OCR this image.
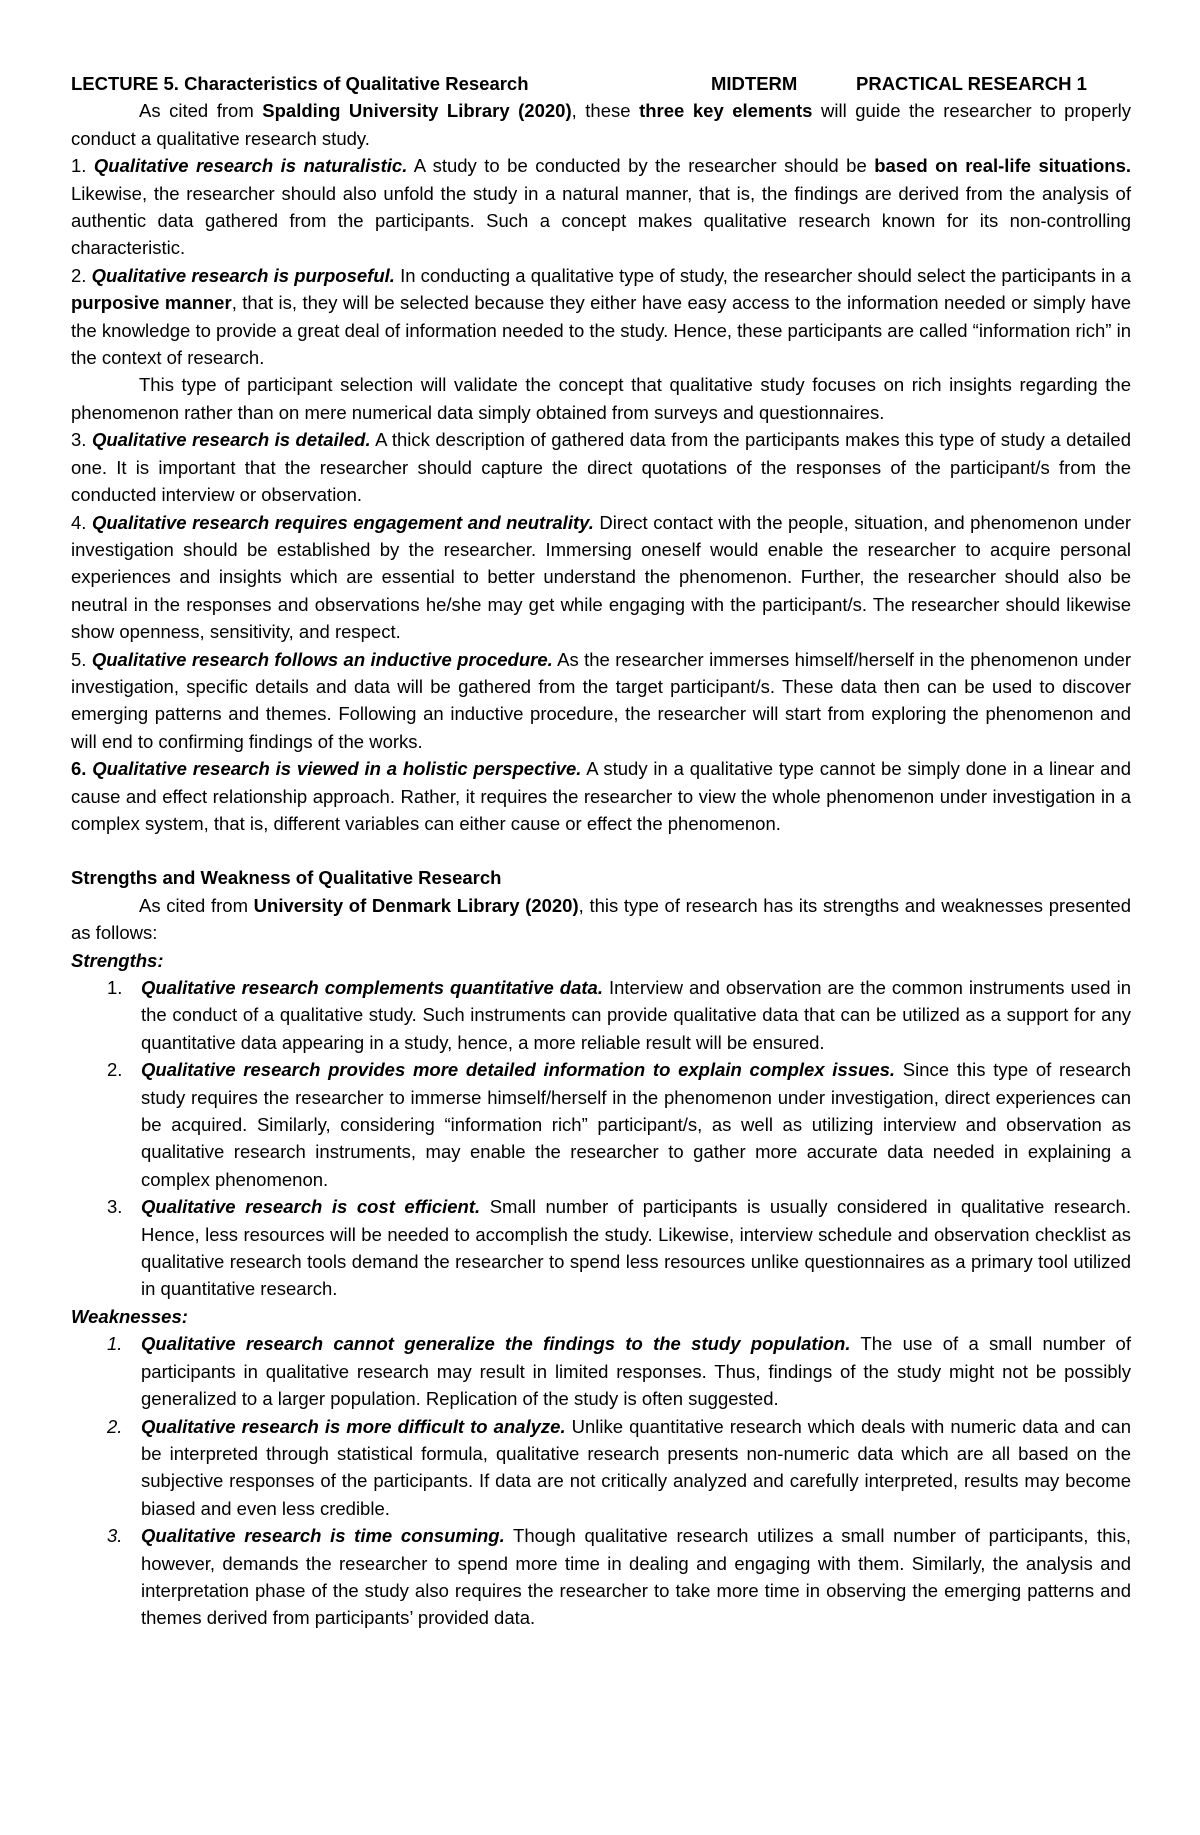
LECTURE 5. Characteristics of Qualitative Research	MIDTERM	PRACTICAL RESEARCH 1

As cited from Spalding University Library (2020), these three key elements will guide the researcher to properly conduct a qualitative research study.

1. Qualitative research is naturalistic. A study to be conducted by the researcher should be based on real-life situations. Likewise, the researcher should also unfold the study in a natural manner, that is, the findings are derived from the analysis of authentic data gathered from the participants. Such a concept makes qualitative research known for its non-controlling characteristic.

2. Qualitative research is purposeful. In conducting a qualitative type of study, the researcher should select the participants in a purposive manner, that is, they will be selected because they either have easy access to the information needed or simply have the knowledge to provide a great deal of information needed to the study. Hence, these participants are called “information rich” in the context of research.

This type of participant selection will validate the concept that qualitative study focuses on rich insights regarding the phenomenon rather than on mere numerical data simply obtained from surveys and questionnaires.

3. Qualitative research is detailed. A thick description of gathered data from the participants makes this type of study a detailed one. It is important that the researcher should capture the direct quotations of the responses of the participant/s from the conducted interview or observation.

4. Qualitative research requires engagement and neutrality. Direct contact with the people, situation, and phenomenon under investigation should be established by the researcher. Immersing oneself would enable the researcher to acquire personal experiences and insights which are essential to better understand the phenomenon. Further, the researcher should also be neutral in the responses and observations he/she may get while engaging with the participant/s. The researcher should likewise show openness, sensitivity, and respect.

5. Qualitative research follows an inductive procedure. As the researcher immerses himself/herself in the phenomenon under investigation, specific details and data will be gathered from the target participant/s. These data then can be used to discover emerging patterns and themes. Following an inductive procedure, the researcher will start from exploring the phenomenon and will end to confirming findings of the works.

6. Qualitative research is viewed in a holistic perspective. A study in a qualitative type cannot be simply done in a linear and cause and effect relationship approach. Rather, it requires the researcher to view the whole phenomenon under investigation in a complex system, that is, different variables can either cause or effect the phenomenon.

Strengths and Weakness of Qualitative Research

As cited from University of Denmark Library (2020), this type of research has its strengths and weaknesses presented as follows:

Strengths:

1. Qualitative research complements quantitative data. Interview and observation are the common instruments used in the conduct of a qualitative study. Such instruments can provide qualitative data that can be utilized as a support for any quantitative data appearing in a study, hence, a more reliable result will be ensured.
2. Qualitative research provides more detailed information to explain complex issues. Since this type of research study requires the researcher to immerse himself/herself in the phenomenon under investigation, direct experiences can be acquired. Similarly, considering “information rich” participant/s, as well as utilizing interview and observation as qualitative research instruments, may enable the researcher to gather more accurate data needed in explaining a complex phenomenon.
3. Qualitative research is cost efficient. Small number of participants is usually considered in qualitative research. Hence, less resources will be needed to accomplish the study. Likewise, interview schedule and observation checklist as qualitative research tools demand the researcher to spend less resources unlike questionnaires as a primary tool utilized in quantitative research.

Weaknesses:

1. Qualitative research cannot generalize the findings to the study population. The use of a small number of participants in qualitative research may result in limited responses. Thus, findings of the study might not be possibly generalized to a larger population. Replication of the study is often suggested.
2. Qualitative research is more difficult to analyze. Unlike quantitative research which deals with numeric data and can be interpreted through statistical formula, qualitative research presents non-numeric data which are all based on the subjective responses of the participants. If data are not critically analyzed and carefully interpreted, results may become biased and even less credible.
3. Qualitative research is time consuming. Though qualitative research utilizes a small number of participants, this, however, demands the researcher to spend more time in dealing and engaging with them. Similarly, the analysis and interpretation phase of the study also requires the researcher to take more time in observing the emerging patterns and themes derived from participants’ provided data.
